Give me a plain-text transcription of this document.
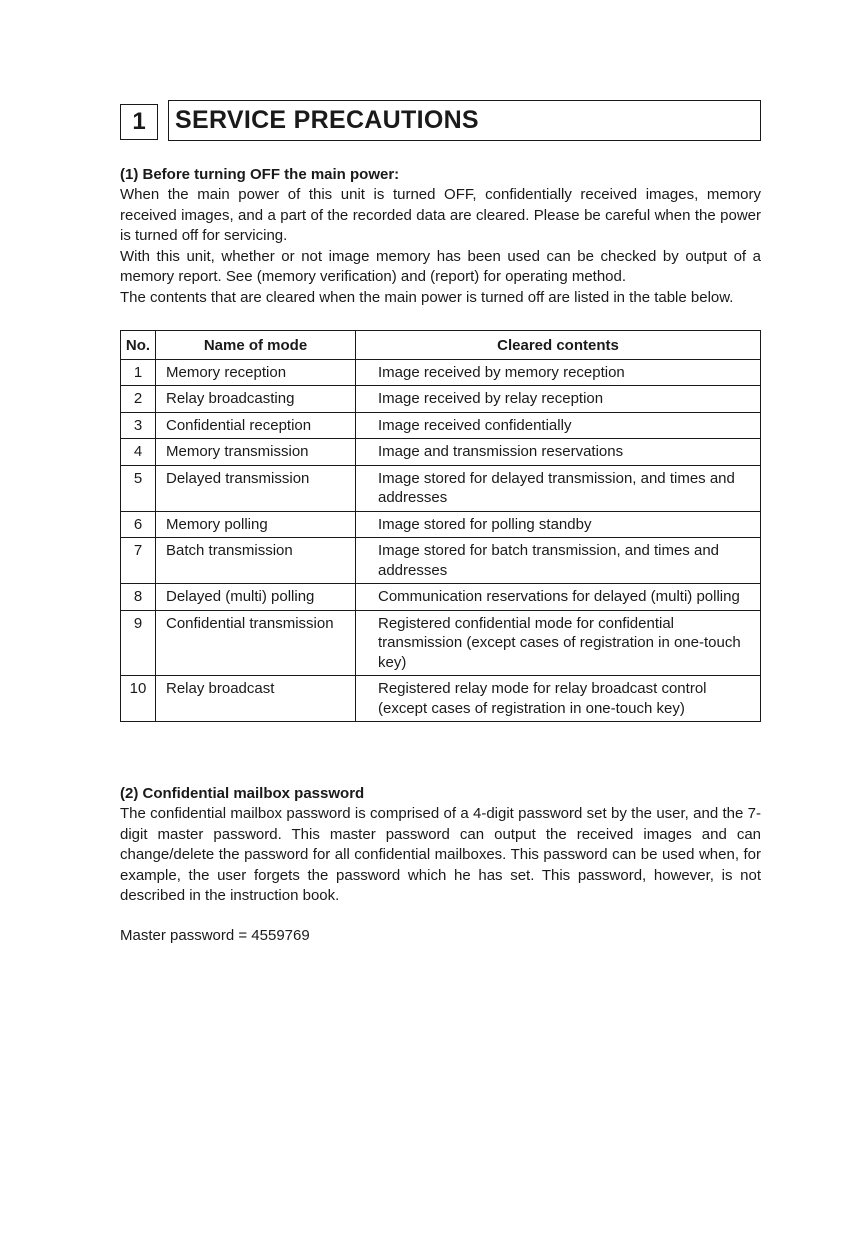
1	SERVICE PRECAUTIONS
(1) Before turning OFF the main power:
When the main power of this unit is turned OFF, confidentially received images, memory received images, and a part of the recorded data are cleared. Please be careful when the power is turned off for servicing.
With this unit, whether or not image memory has been used can be checked by output of a memory report. See (memory verification) and (report) for operating method.
The contents that are cleared when the main power is turned off are listed in the table below.
No.	Name of mode	Cleared contents
1	Memory reception	Image received by memory reception
2	Relay broadcasting	Image received by relay reception
3	Confidential reception	Image received confidentially
4	Memory transmission	Image and transmission reservations
5	Delayed transmission	Image stored for delayed transmission, and times and addresses
6	Memory polling	Image stored for polling standby
7	Batch transmission	Image stored for batch transmission, and times and addresses
8	Delayed (multi) polling	Communication reservations for delayed (multi) polling
9	Confidential transmission	Registered confidential mode for confidential transmission (except cases of registration in one-touch key)
10	Relay broadcast	Registered relay mode for relay broadcast control (except cases of registration in one-touch key)
(2) Confidential mailbox password
The confidential mailbox password is comprised of a 4-digit password set by the user, and the 7-digit master password. This master password can output the received images and can change/delete the password for all confidential mailboxes. This password can be used when, for example, the user forgets the password which he has set. This password, however, is not described in the instruction book.
Master password = 4559769
